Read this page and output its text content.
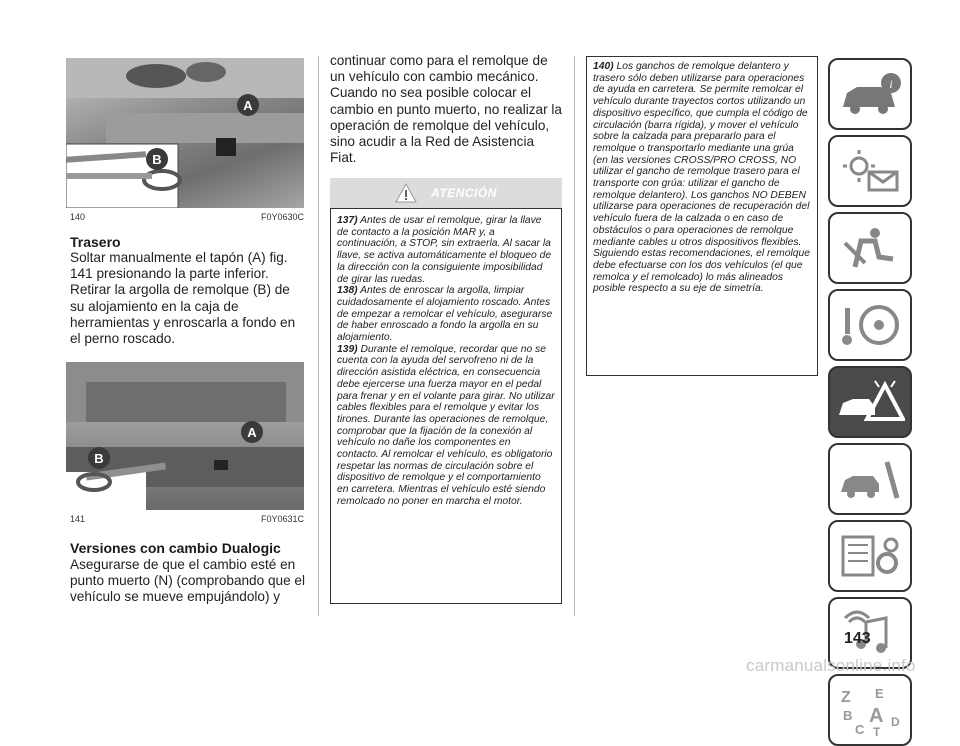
A
B
140	F0Y0630C
Trasero
Soltar manualmente el tapón (A) fig. 141 presionando la parte inferior. Retirar la argolla de remolque (B) de su alojamiento en la caja de herramientas y enroscarla a fondo en el perno roscado.
A
B
141	F0Y0631C
Versiones con cambio Dualogic
Asegurarse de que el cambio esté en punto muerto (N) (comprobando que el vehículo se mueve empujándolo) y
continuar como para el remolque de un vehículo con cambio mecánico. Cuando no sea posible colocar el cambio en punto muerto, no realizar la operación de remolque del vehículo, sino acudir a la Red de Asistencia Fiat.
ATENCIÓN

137) Antes de usar el remolque, girar la llave de contacto a la posición MAR y, a continuación, a STOP, sin extraerla. Al sacar la llave, se activa automáticamente el bloqueo de la dirección con la consiguiente imposibilidad de girar las ruedas.

138) Antes de enroscar la argolla, limpiar cuidadosamente el alojamiento roscado. Antes de empezar a remolcar el vehículo, asegurarse de haber enroscado a fondo la argolla en su alojamiento.

139) Durante el remolque, recordar que no se cuenta con la ayuda del servofreno ni de la dirección asistida eléctrica, en consecuencia debe ejercerse una fuerza mayor en el pedal para frenar y en el volante para girar. No utilizar cables flexibles para el remolque y evitar los tirones. Durante las operaciones de remolque, comprobar que la fijación de la conexión al vehículo no dañe los componentes en contacto. Al remolcar el vehículo, es obligatorio respetar las normas de circulación sobre el dispositivo de remolque y el comportamiento en carretera. Mientras el vehículo esté siendo remolcado no poner en marcha el motor.

140) Los ganchos de remolque delantero y trasero sólo deben utilizarse para operaciones de ayuda en carretera. Se permite remolcar el vehículo durante trayectos cortos utilizando un dispositivo específico, que cumpla el código de circulación (barra rígida), y mover el vehículo sobre la calzada para prepararlo para el remolque o transportarlo mediante una grúa (en las versiones CROSS/PRO CROSS, NO utilizar el gancho de remolque trasero para el transporte con grúa: utilizar el gancho de remolque delantero). Los ganchos NO DEBEN utilizarse para operaciones de recuperación del vehículo fuera de la calzada o en caso de obstáculos o para operaciones de remolque mediante cables u otros dispositivos flexibles. Siguiendo estas recomendaciones, el remolque debe efectuarse con los dos vehículos (el que remolca y el remolcado) lo más alineados posible respecto a su eje de simetría.

i
Z E
B A D
C T
143
carmanualsonline.info
